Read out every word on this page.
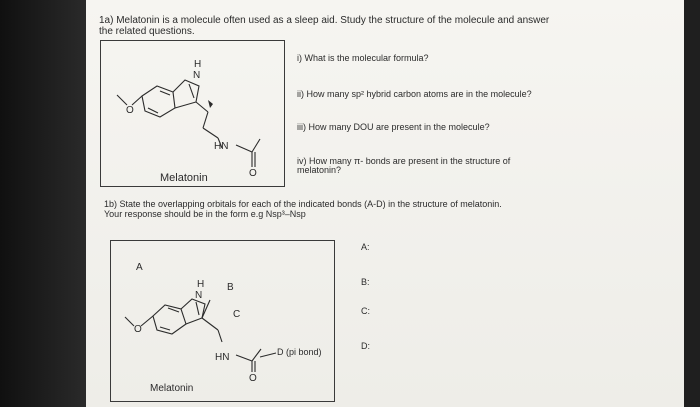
1a) Melatonin is a molecule often used as a sleep aid. Study the structure of the molecule and answer
the related questions.
H
N
O
HN
O
Melatonin
i) What is the molecular formula?
ii) How many sp² hybrid carbon atoms are in the molecule?
iii) How many DOU are present in the molecule?
iv) How many π- bonds are present in the structure of
melatonin?
1b) State the overlapping orbitals for each of the indicated bonds (A-D) in the structure of melatonin.
Your response should be in the form e.g Nsp³–Nsp
A
B
C
D (pi bond)
H
N
O
HN
O
Melatonin
A:
B:
C:
D:
